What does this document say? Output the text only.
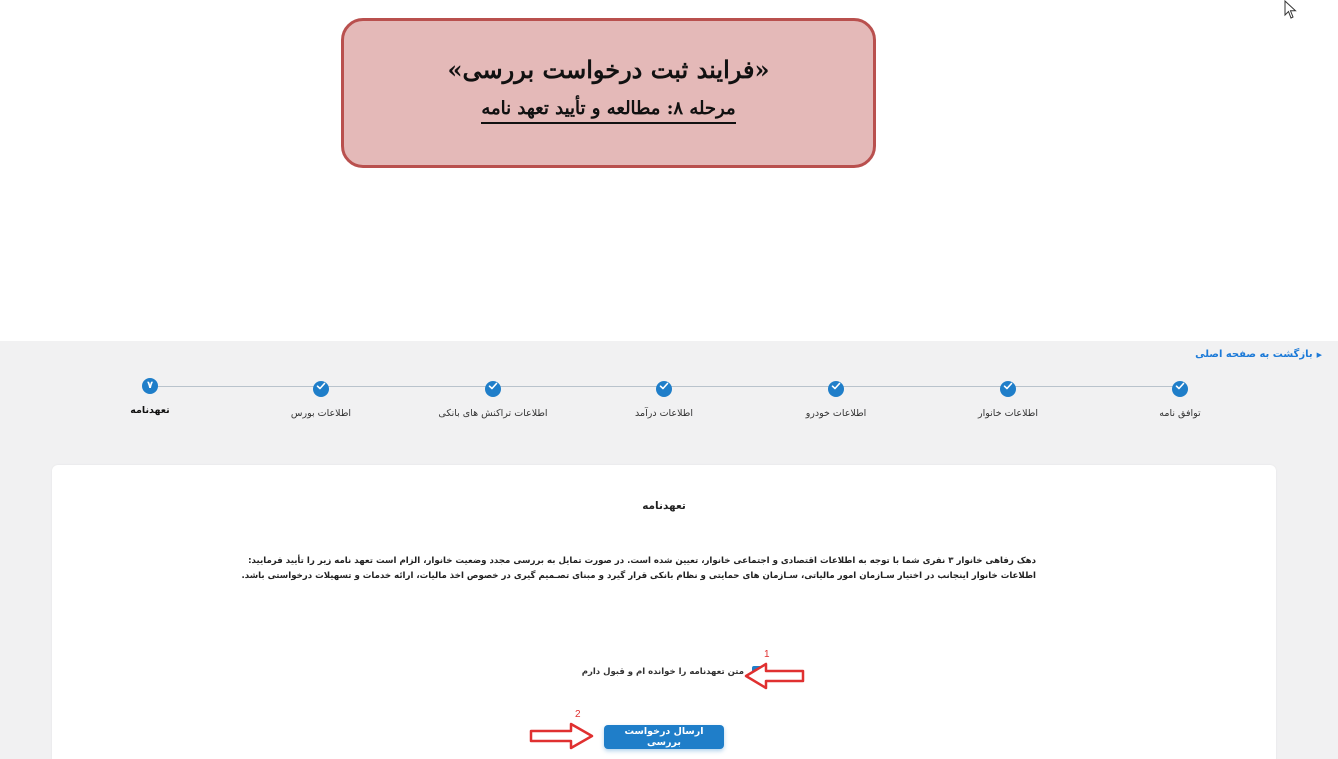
«فرایند ثبت درخواست بررسی»
مرحله ۸: مطالعه و تأیید تعهد نامه
▶بازگشت به صفحه اصلی
توافق نامه
اطلاعات خانوار
اطلاعات خودرو
اطلاعات درآمد
اطلاعات تراکنش های بانکی
اطلاعات بورس
۷
تعهدنامه
تعهدنامه
دهک رفاهی خانوار ۳ نفری شما با توجه به اطلاعات اقتصادی و اجتماعی خانوار، تعیین شده است. در صورت تمایل به بررسی مجدد وضعیت خانوار، الزام است تعهد نامه زیر را تأیید فرمایید:
اطلاعات خانوار اینجانب در اختیار سـازمان امور مالیاتی، سـازمان های حمایتی و نظام بانکی قرار گیرد و مبنای تصـمیم گیری در خصوص اخذ مالیات، ارائه خدمات و تسهیلات درخواستی باشد.
متن تعهدنامه را خوانده ام و قبول دارم
ارسال درخواست بررسی
1
2
